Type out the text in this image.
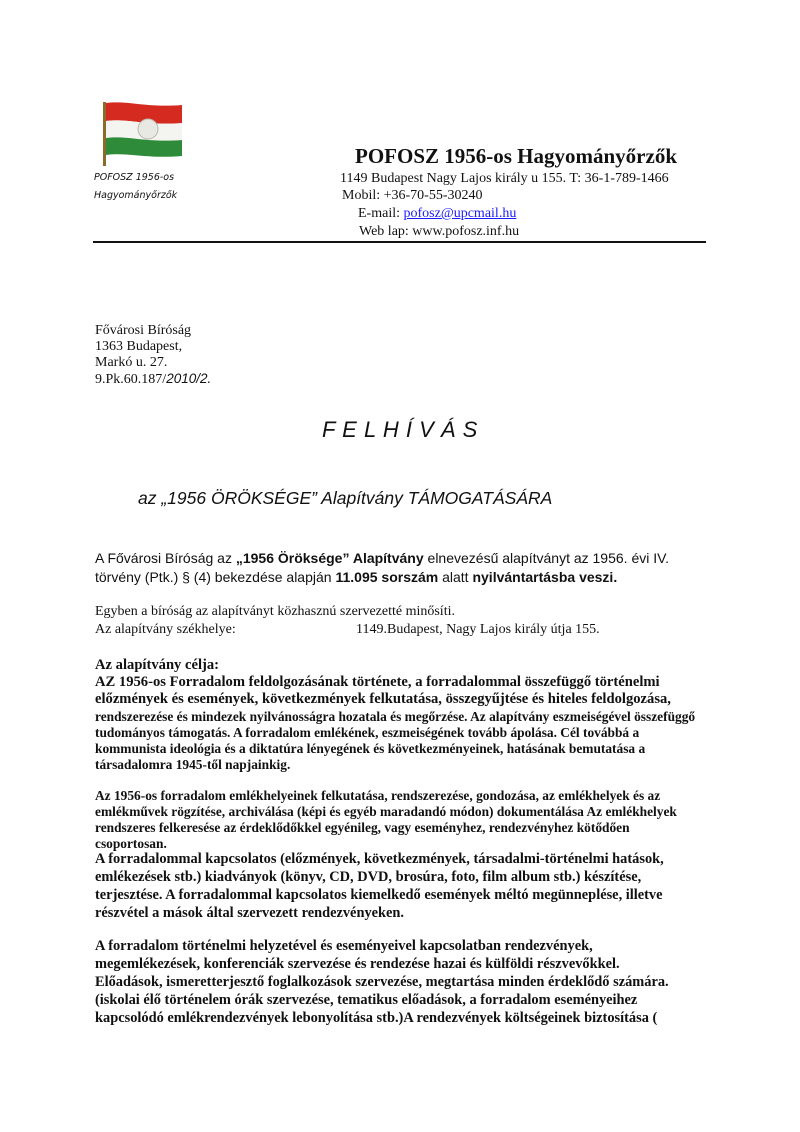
POFOSZ 1956-os
Hagyományőrzők
POFOSZ 1956-os Hagyományőrzők
1149 Budapest Nagy Lajos király u 155. T: 36-1-789-1466
Mobil: +36-70-55-30240
E-mail: pofosz@upcmail.hu
Web lap: www.pofosz.inf.hu
Fővárosi Bíróság
1363 Budapest,
Markó u. 27.
9.Pk.60.187/2010/2.
F E L H Í V Á S
az „1956 ÖRÖKSÉGE” Alapítvány TÁMOGATÁSÁRA
A Fővárosi Bíróság az „1956 Öröksége” Alapítvány elnevezésű alapítványt az 1956. évi IV.
törvény (Ptk.) § (4) bekezdése alapján 11.095 sorszám alatt nyilvántartásba veszi.
Egyben a bíróság az alapítványt közhasznú szervezetté minősíti.
Az alapítvány székhelye:	1149.Budapest, Nagy Lajos király útja 155.
Az alapítvány célja:
AZ 1956-os Forradalom feldolgozásának története, a forradalommal összefüggő történelmi
előzmények és események, következmények felkutatása, összegyűjtése és hiteles feldolgozása,
rendszerezése és mindezek nyilvánosságra hozatala és megőrzése. Az alapítvány eszmeiségével összefüggő
tudományos támogatás. A forradalom emlékének, eszmeiségének tovább ápolása. Cél továbbá a
kommunista ideológia és a diktatúra lényegének és következményeinek, hatásának bemutatása a
társadalomra 1945-től napjainkig.
Az 1956-os forradalom emlékhelyeinek felkutatása, rendszerezése, gondozása, az emlékhelyek és az
emlékművek rögzítése, archiválása (képi és egyéb maradandó módon) dokumentálása Az emlékhelyek
rendszeres felkeresése az érdeklődőkkel egyénileg, vagy eseményhez, rendezvényhez kötődően
csoportosan.
A forradalommal kapcsolatos (előzmények, következmények, társadalmi-történelmi hatások,
emlékezések stb.) kiadványok (könyv, CD, DVD, brosúra, foto, film album stb.) készítése,
terjesztése. A forradalommal kapcsolatos kiemelkedő események méltó megünneplése, illetve
részvétel a mások által szervezett rendezvényeken.
A forradalom történelmi helyzetével és eseményeivel kapcsolatban rendezvények,
megemlékezések, konferenciák szervezése és rendezése hazai és külföldi részvevőkkel.
Előadások, ismeretterjesztő foglalkozások szervezése, megtartása minden érdeklődő számára.
(iskolai élő történelem órák szervezése, tematikus előadások, a forradalom eseményeihez
kapcsolódó emlékrendezvények lebonyolítása stb.)A rendezvények költségeinek biztosítása (
